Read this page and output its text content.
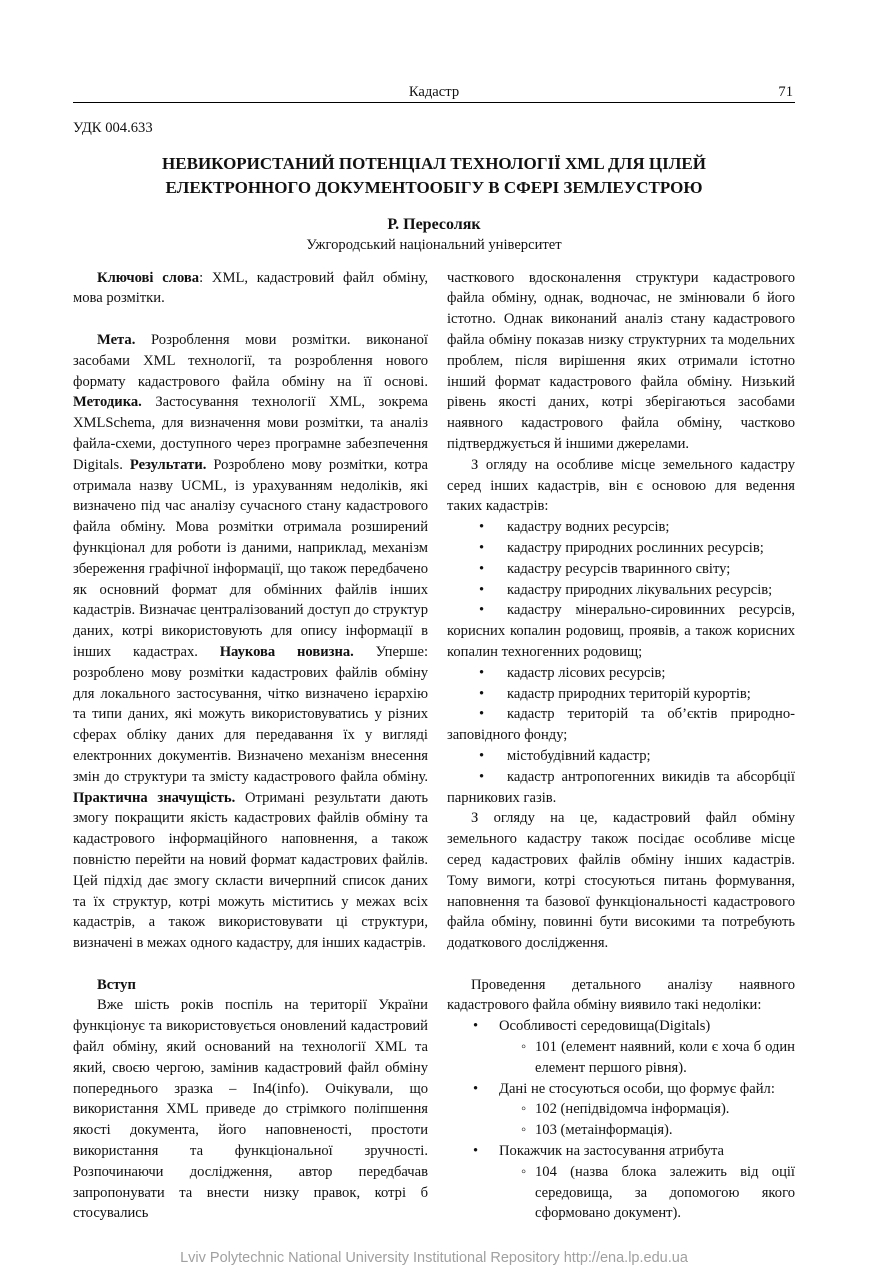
Кадастр	71
УДК 004.633
НЕВИКОРИСТАНИЙ ПОТЕНЦІАЛ ТЕХНОЛОГІЇ XML ДЛЯ ЦІЛЕЙ
ЕЛЕКТРОННОГО ДОКУМЕНТООБІГУ В СФЕРІ ЗЕМЛЕУСТРОЮ
Р. Пересоляк
Ужгородський національний університет

Ключові слова: XML, кадастровий файл обміну, мова розмітки.

Мета. Розроблення мови розмітки. виконаної засобами XML технології, та розроблення нового формату кадастрового файла обміну на її основі. Методика. Застосування технології XML, зокрема XMLSchema, для визначення мови розмітки, та аналіз файла-схеми, доступного через програмне забезпечення Digitals. Результати. Розроблено мову розмітки, котра отримала назву UCML, із урахуванням недоліків, які визначено під час аналізу сучасного стану кадастрового файла обміну. Мова розмітки отримала розширений функціонал для роботи із даними, наприклад, механізм збереження графічної інформації, що також передбачено як основний формат для обмінних файлів інших кадастрів. Визначає централізований доступ до структур даних, котрі використовують для опису інформації в інших кадастрах. Наукова новизна. Уперше: розроблено мову розмітки кадастрових файлів обміну для локального застосування, чітко визначено ієрархію та типи даних, які можуть використовуватись у різних сферах обліку даних для передавання їх у вигляді електронних документів. Визначено механізм внесення змін до структури та змісту кадастрового файла обміну. Практична значущість. Отримані результати дають змогу покращити якість кадастрових файлів обміну та кадастрового інформаційного наповнення, а також повністю перейти на новий формат кадастрових файлів. Цей підхід дає змогу скласти вичерпний список даних та їх структур, котрі можуть міститись у межах всіх кадастрів, а також використовувати ці структури, визначені в межах одного кадастру, для інших кадастрів.

Вступ

Вже шість років поспіль на території України функціонує та використовується оновлений кадастровий файл обміну, який оснований на технології XML та який, своєю чергою, замінив кадастровий файл обміну попереднього зразка – In4(info). Очікували, що використання XML приведе до стрімкого поліпшення якості документа, його наповненості, простоти використання та функціональної зручності. Розпочинаючи дослідження, автор передбачав запропонувати та внести низку правок, котрі б стосувались

часткового вдосконалення структури кадастрового файла обміну, однак, водночас, не змінювали б його істотно. Однак виконаний аналіз стану кадастрового файла обміну показав низку структурних та модельних проблем, після вирішення яких отримали істотно інший формат кадастрового файла обміну. Низький рівень якості даних, котрі зберігаються засобами наявного кадастрового файла обміну, частково підтверджується й іншими джерелами.

З огляду на особливе місце земельного кадастру серед інших кадастрів, він є основою для ведення таких кадастрів:

• кадастру водних ресурсів;
• кадастру природних рослинних ресурсів;
• кадастру ресурсів тваринного світу;
• кадастру природних лікувальних ресурсів;
• кадастру мінерально-сировинних ресурсів, корисних копалин родовищ, проявів, а також корисних копалин техногенних родовищ;
• кадастр лісових ресурсів;
• кадастр природних територій курортів;
• кадастр територій та об’єктів природно-заповідного фонду;
• містобудівний кадастр;
• кадастр антропогенних викидів та абсорбції парникових газів.

З огляду на це, кадастровий файл обміну земельного кадастру також посідає особливе місце серед кадастрових файлів обміну інших кадастрів. Тому вимоги, котрі стосуються питань формування, наповнення та базової функціональності кадастрового файла обміну, повинні бути високими та потребують додаткового дослідження.

Проведення детального аналізу наявного кадастрового файла обміну виявило такі недоліки:

• Особливості середовища(Digitals)
◦ 101 (елемент наявний, коли є хоча б один елемент першого рівня).
• Дані не стосуються особи, що формує файл:
◦ 102 (непідвідомча інформація).
◦ 103 (метаінформація).
• Покажчик на застосування атрибута
◦ 104 (назва блока залежить від оції середовища, за допомогою якого сформовано документ).
Lviv Polytechnic National University Institutional Repository http://ena.lp.edu.ua
